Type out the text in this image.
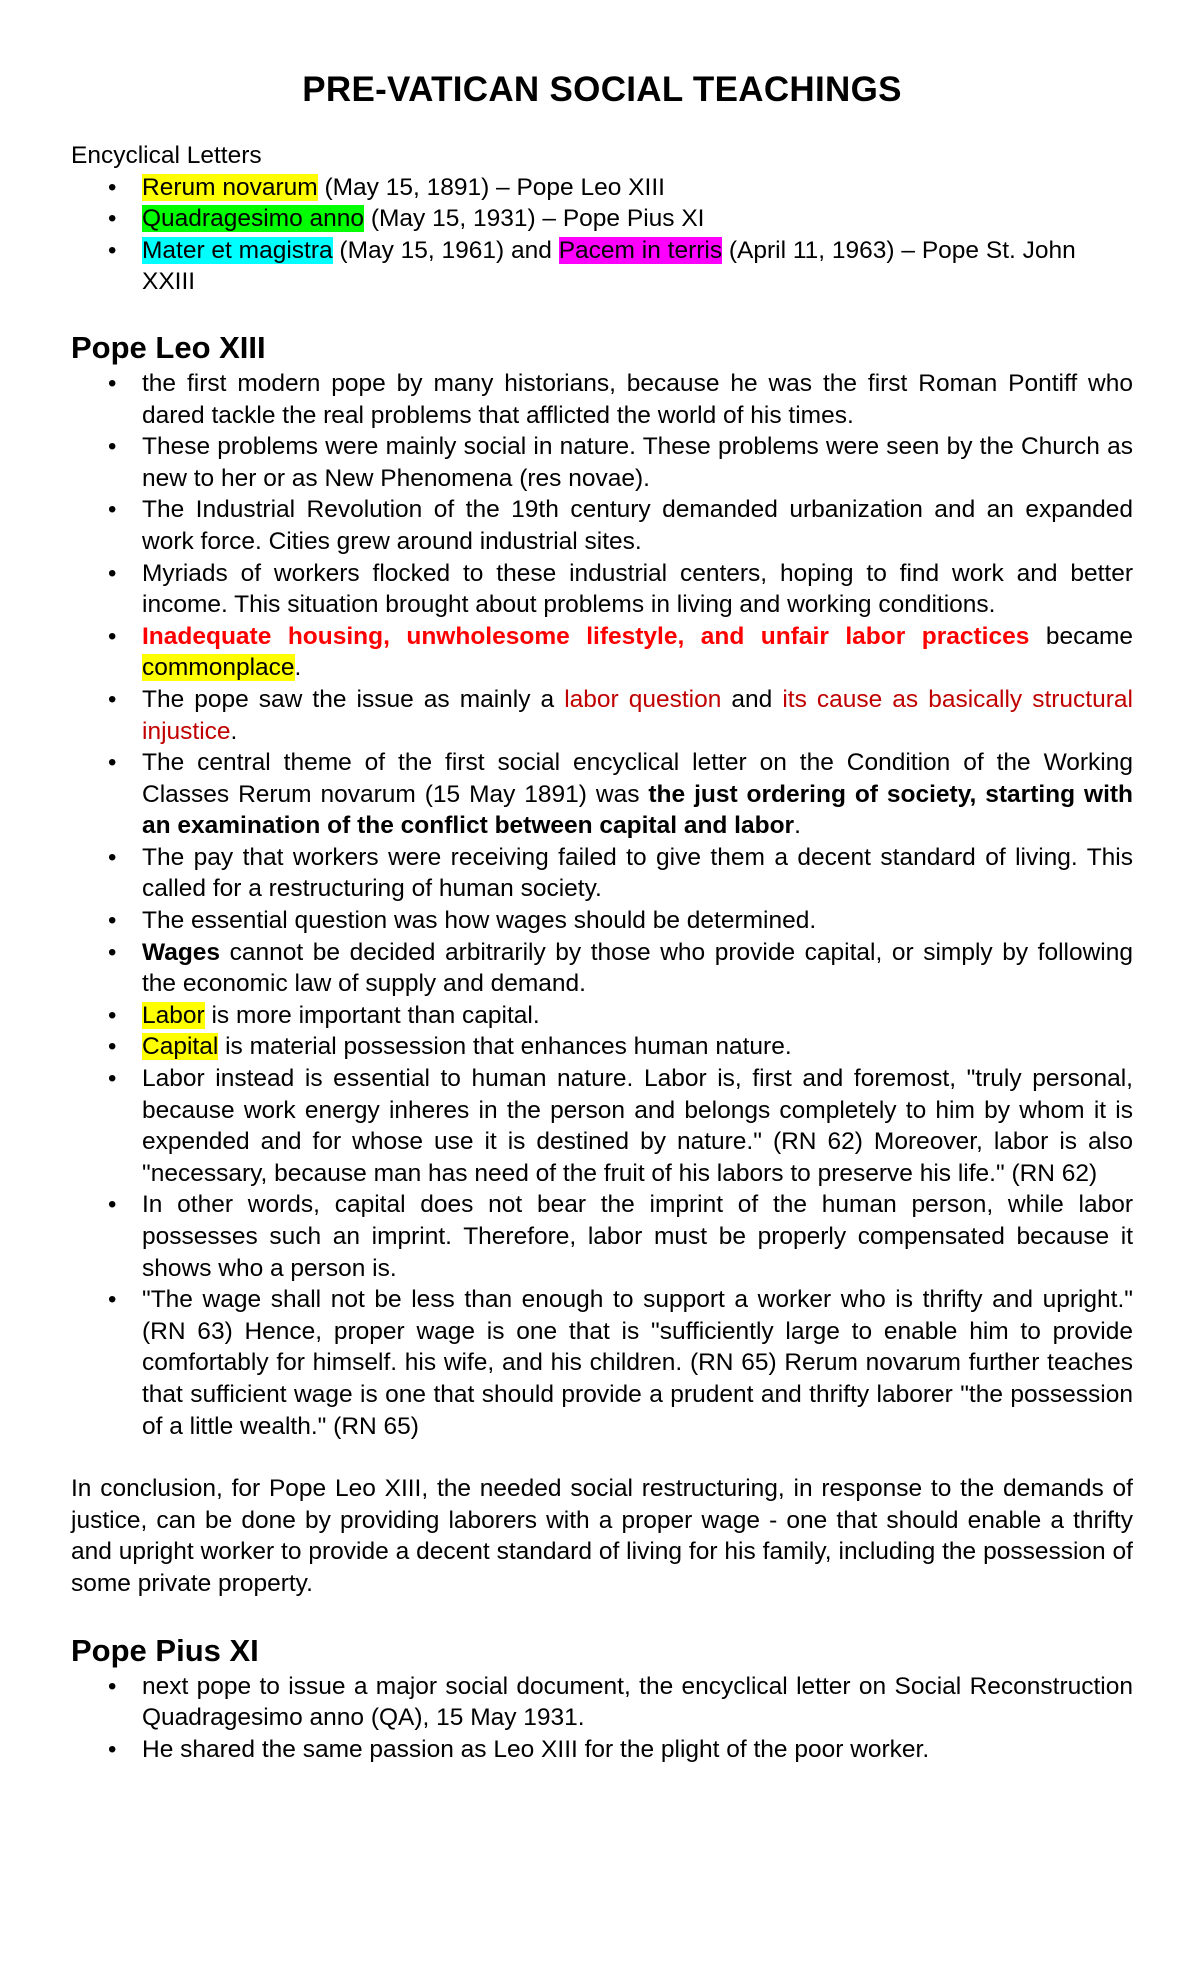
PRE-VATICAN SOCIAL TEACHINGS
Encyclical Letters
• Rerum novarum (May 15, 1891) – Pope Leo XIII
• Quadragesimo anno (May 15, 1931) – Pope Pius XI
• Mater et magistra (May 15, 1961) and Pacem in terris (April 11, 1963) – Pope St. John XXIII
Pope Leo XIII
• the first modern pope by many historians, because he was the first Roman Pontiff who dared tackle the real problems that afflicted the world of his times.
• These problems were mainly social in nature. These problems were seen by the Church as new to her or as New Phenomena (res novae).
• The Industrial Revolution of the 19th century demanded urbanization and an expanded work force. Cities grew around industrial sites.
• Myriads of workers flocked to these industrial centers, hoping to find work and better income. This situation brought about problems in living and working conditions.
• Inadequate housing, unwholesome lifestyle, and unfair labor practices became commonplace.
• The pope saw the issue as mainly a labor question and its cause as basically structural injustice.
• The central theme of the first social encyclical letter on the Condition of the Working Classes Rerum novarum (15 May 1891) was the just ordering of society, starting with an examination of the conflict between capital and labor.
• The pay that workers were receiving failed to give them a decent standard of living. This called for a restructuring of human society.
• The essential question was how wages should be determined.
• Wages cannot be decided arbitrarily by those who provide capital, or simply by following the economic law of supply and demand.
• Labor is more important than capital.
• Capital is material possession that enhances human nature.
• Labor instead is essential to human nature. Labor is, first and foremost, "truly personal, because work energy inheres in the person and belongs completely to him by whom it is expended and for whose use it is destined by nature." (RN 62) Moreover, labor is also "necessary, because man has need of the fruit of his labors to preserve his life." (RN 62)
• In other words, capital does not bear the imprint of the human person, while labor possesses such an imprint. Therefore, labor must be properly compensated because it shows who a person is.
• "The wage shall not be less than enough to support a worker who is thrifty and upright." (RN 63) Hence, proper wage is one that is "sufficiently large to enable him to provide comfortably for himself. his wife, and his children. (RN 65) Rerum novarum further teaches that sufficient wage is one that should provide a prudent and thrifty laborer "the possession of a little wealth." (RN 65)

In conclusion, for Pope Leo XIII, the needed social restructuring, in response to the demands of justice, can be done by providing laborers with a proper wage - one that should enable a thrifty and upright worker to provide a decent standard of living for his family, including the possession of some private property.

Pope Pius XI
• next pope to issue a major social document, the encyclical letter on Social Reconstruction Quadragesimo anno (QA), 15 May 1931.
• He shared the same passion as Leo XIII for the plight of the poor worker.
